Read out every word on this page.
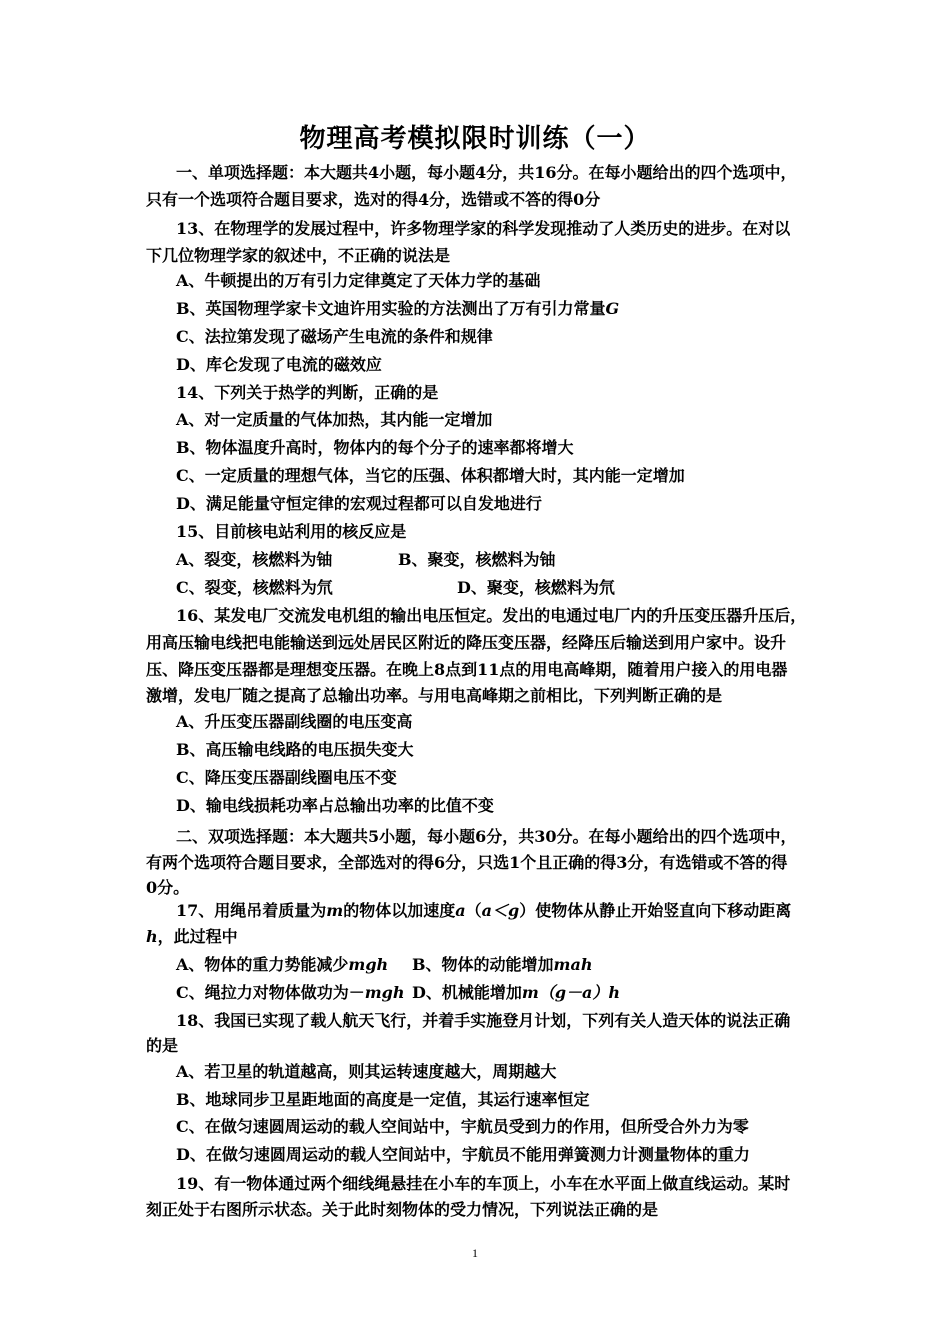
物理高考模拟限时训练（一）
一、单项选择题：本大题共4小题，每小题4分，共16分。在每小题给出的四个选项中，
只有一个选项符合题目要求，选对的得4分，选错或不答的得0分
13、在物理学的发展过程中，许多物理学家的科学发现推动了人类历史的进步。在对以
下几位物理学家的叙述中，不正确的说法是
A、牛顿提出的万有引力定律奠定了天体力学的基础
B、英国物理学家卡文迪许用实验的方法测出了万有引力常量G
C、法拉第发现了磁场产生电流的条件和规律
D、库仑发现了电流的磁效应
14、下列关于热学的判断，正确的是
A、对一定质量的气体加热，其内能一定增加
B、物体温度升高时，物体内的每个分子的速率都将增大
C、一定质量的理想气体，当它的压强、体积都增大时，其内能一定增加
D、满足能量守恒定律的宏观过程都可以自发地进行
15、目前核电站利用的核反应是
A、裂变，核燃料为铀	B、聚变，核燃料为铀
C、裂变，核燃料为氘	D、聚变，核燃料为氘
16、某发电厂交流发电机组的输出电压恒定。发出的电通过电厂内的升压变压器升压后，
用高压输电线把电能输送到远处居民区附近的降压变压器，经降压后输送到用户家中。设升
压、降压变压器都是理想变压器。在晚上8点到11点的用电高峰期，随着用户接入的用电器
激增，发电厂随之提高了总输出功率。与用电高峰期之前相比，下列判断正确的是
A、升压变压器副线圈的电压变高
B、高压输电线路的电压损失变大
C、降压变压器副线圈电压不变
D、输电线损耗功率占总输出功率的比值不变
二、双项选择题：本大题共5小题，每小题6分，共30分。在每小题给出的四个选项中，
有两个选项符合题目要求，全部选对的得6分，只选1个且正确的得3分，有选错或不答的得
0分。
17、用绳吊着质量为m的物体以加速度a（a＜g）使物体从静止开始竖直向下移动距离
h，此过程中
A、物体的重力势能减少mgh B、物体的动能增加mah
C、绳拉力对物体做功为－mgh D、机械能增加m（g－a）h
18、我国已实现了载人航天飞行，并着手实施登月计划，下列有关人造天体的说法正确
的是
A、若卫星的轨道越高，则其运转速度越大，周期越大
B、地球同步卫星距地面的高度是一定值，其运行速率恒定
C、在做匀速圆周运动的载人空间站中，宇航员受到力的作用，但所受合外力为零
D、在做匀速圆周运动的载人空间站中，宇航员不能用弹簧测力计测量物体的重力
19、有一物体通过两个细线绳悬挂在小车的车顶上，小车在水平面上做直线运动。某时
刻正处于右图所示状态。关于此时刻物体的受力情况，下列说法正确的是
1
